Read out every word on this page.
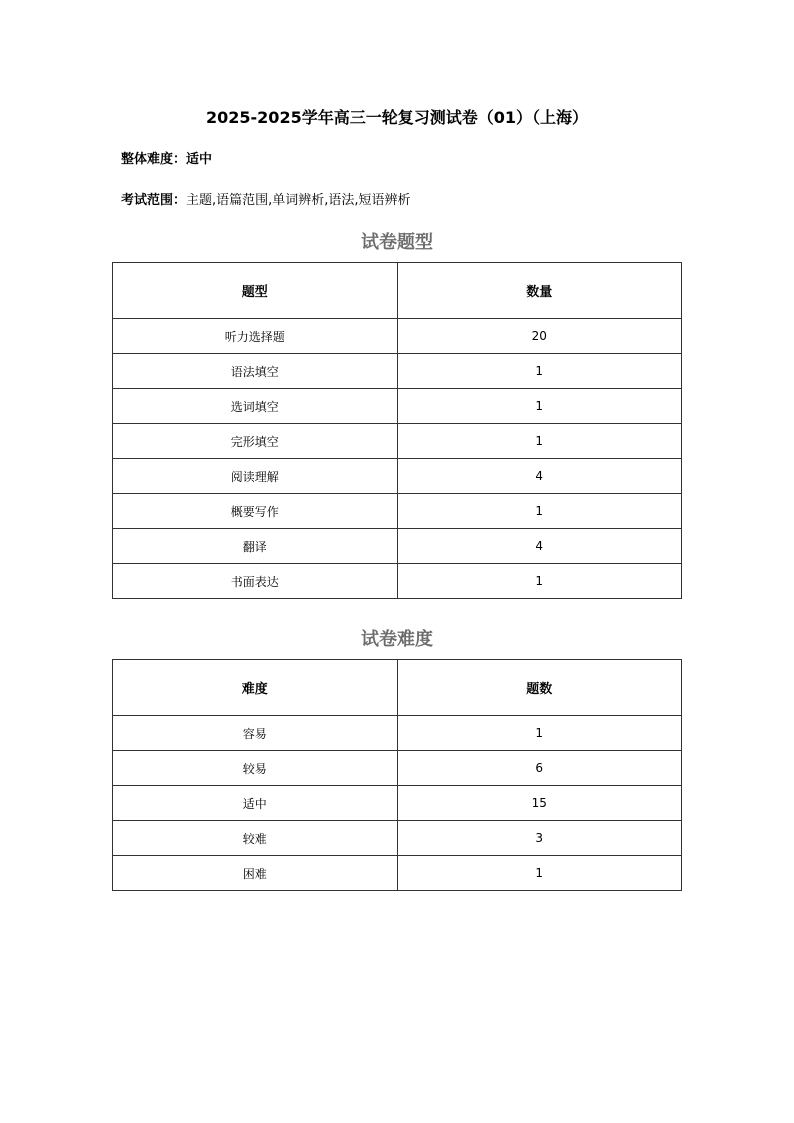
2025-2025学年高三一轮复习测试卷（01）（上海）
整体难度：适中
考试范围：主题,语篇范围,单词辨析,语法,短语辨析
试卷题型
题型	数量
听力选择题	20
语法填空	1
选词填空	1
完形填空	1
阅读理解	4
概要写作	1
翻译	4
书面表达	1
试卷难度
难度	题数
容易	1
较易	6
适中	15
较难	3
困难	1
